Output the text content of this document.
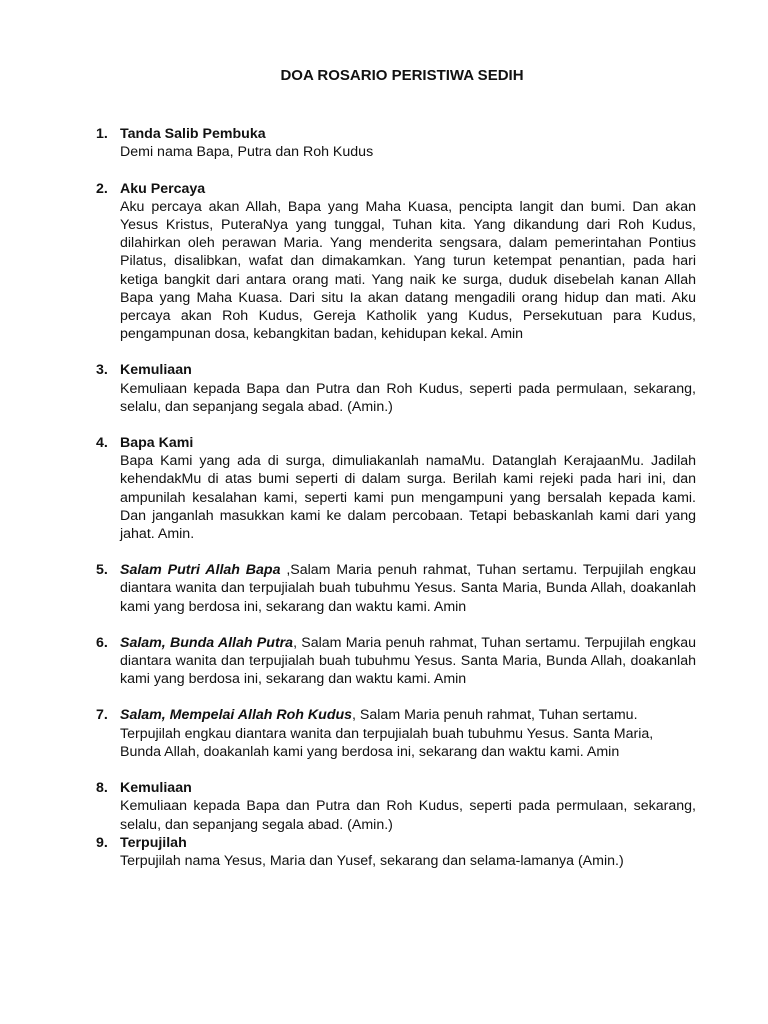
DOA ROSARIO PERISTIWA SEDIH
1. Tanda Salib Pembuka
Demi nama Bapa, Putra dan Roh Kudus
2. Aku Percaya
Aku percaya akan Allah, Bapa yang Maha Kuasa, pencipta langit dan bumi. Dan akan Yesus Kristus, PuteraNya yang tunggal, Tuhan kita. Yang dikandung dari Roh Kudus, dilahirkan oleh perawan Maria. Yang menderita sengsara, dalam pemerintahan Pontius Pilatus, disalibkan, wafat dan dimakamkan. Yang turun ketempat penantian, pada hari ketiga bangkit dari antara orang mati. Yang naik ke surga, duduk disebelah kanan Allah Bapa yang Maha Kuasa. Dari situ Ia akan datang mengadili orang hidup dan mati. Aku percaya akan Roh Kudus, Gereja Katholik yang Kudus, Persekutuan para Kudus, pengampunan dosa, kebangkitan badan, kehidupan kekal. Amin
3. Kemuliaan
Kemuliaan kepada Bapa dan Putra dan Roh Kudus, seperti pada permulaan, sekarang, selalu, dan sepanjang segala abad. (Amin.)
4. Bapa Kami
Bapa Kami yang ada di surga, dimuliakanlah namaMu. Datanglah KerajaanMu. Jadilah kehendakMu di atas bumi seperti di dalam surga. Berilah kami rejeki pada hari ini, dan ampunilah kesalahan kami, seperti kami pun mengampuni yang bersalah kepada kami. Dan janganlah masukkan kami ke dalam percobaan. Tetapi bebaskanlah kami dari yang jahat. Amin.
5. Salam Putri Allah Bapa ,Salam Maria penuh rahmat, Tuhan sertamu. Terpujilah engkau diantara wanita dan terpujialah buah tubuhmu Yesus. Santa Maria, Bunda Allah, doakanlah kami yang berdosa ini, sekarang dan waktu kami. Amin
6. Salam, Bunda Allah Putra, Salam Maria penuh rahmat, Tuhan sertamu. Terpujilah engkau diantara wanita dan terpujialah buah tubuhmu Yesus. Santa Maria, Bunda Allah, doakanlah kami yang berdosa ini, sekarang dan waktu kami. Amin
7. Salam, Mempelai Allah Roh Kudus, Salam Maria penuh rahmat, Tuhan sertamu. Terpujilah engkau diantara wanita dan terpujialah buah tubuhmu Yesus. Santa Maria, Bunda Allah, doakanlah kami yang berdosa ini, sekarang dan waktu kami. Amin
8. Kemuliaan
Kemuliaan kepada Bapa dan Putra dan Roh Kudus, seperti pada permulaan, sekarang, selalu, dan sepanjang segala abad. (Amin.)
9. Terpujilah
Terpujilah nama Yesus, Maria dan Yusef, sekarang dan selama-lamanya (Amin.)
